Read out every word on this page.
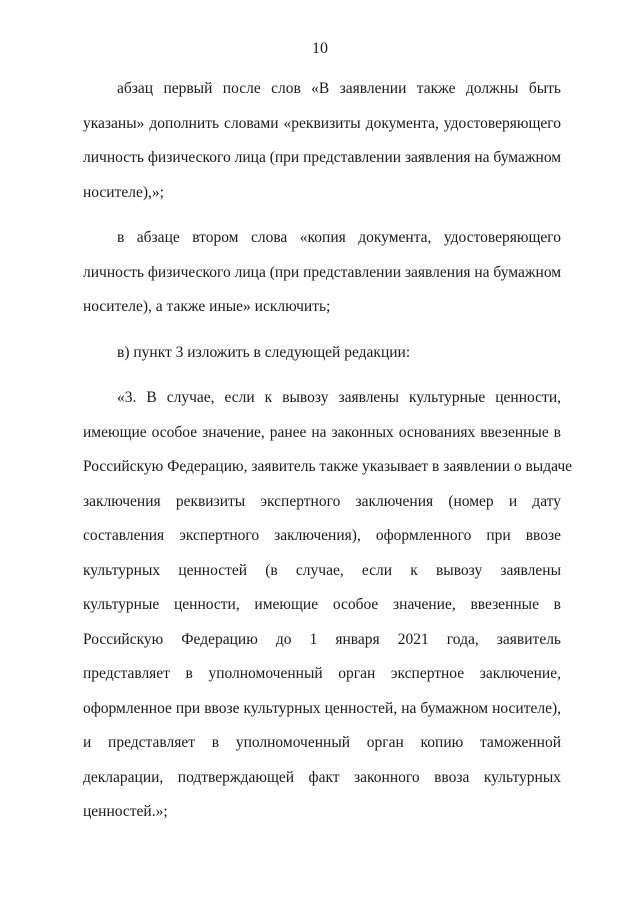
10

абзац первый после слов «В заявлении также должны быть
указаны» дополнить словами «реквизиты документа, удостоверяющего
личность физического лица (при представлении заявления на бумажном
носителе),»;

в абзаце втором слова «копия документа, удостоверяющего
личность физического лица (при представлении заявления на бумажном
носителе), а также иные» исключить;

в) пункт 3 изложить в следующей редакции:

«3. В случае, если к вывозу заявлены культурные ценности,
имеющие особое значение, ранее на законных основаниях ввезенные в
Российскую Федерацию, заявитель также указывает в заявлении о выдаче
заключения реквизиты экспертного заключения (номер и дату
составления экспертного заключения), оформленного при ввозе
культурных ценностей (в случае, если к вывозу заявлены
культурные ценности, имеющие особое значение, ввезенные в
Российскую Федерацию до 1 января 2021 года, заявитель
представляет в уполномоченный орган экспертное заключение,
оформленное при ввозе культурных ценностей, на бумажном носителе),
и представляет в уполномоченный орган копию таможенной
декларации, подтверждающей факт законного ввоза культурных
ценностей.»;
